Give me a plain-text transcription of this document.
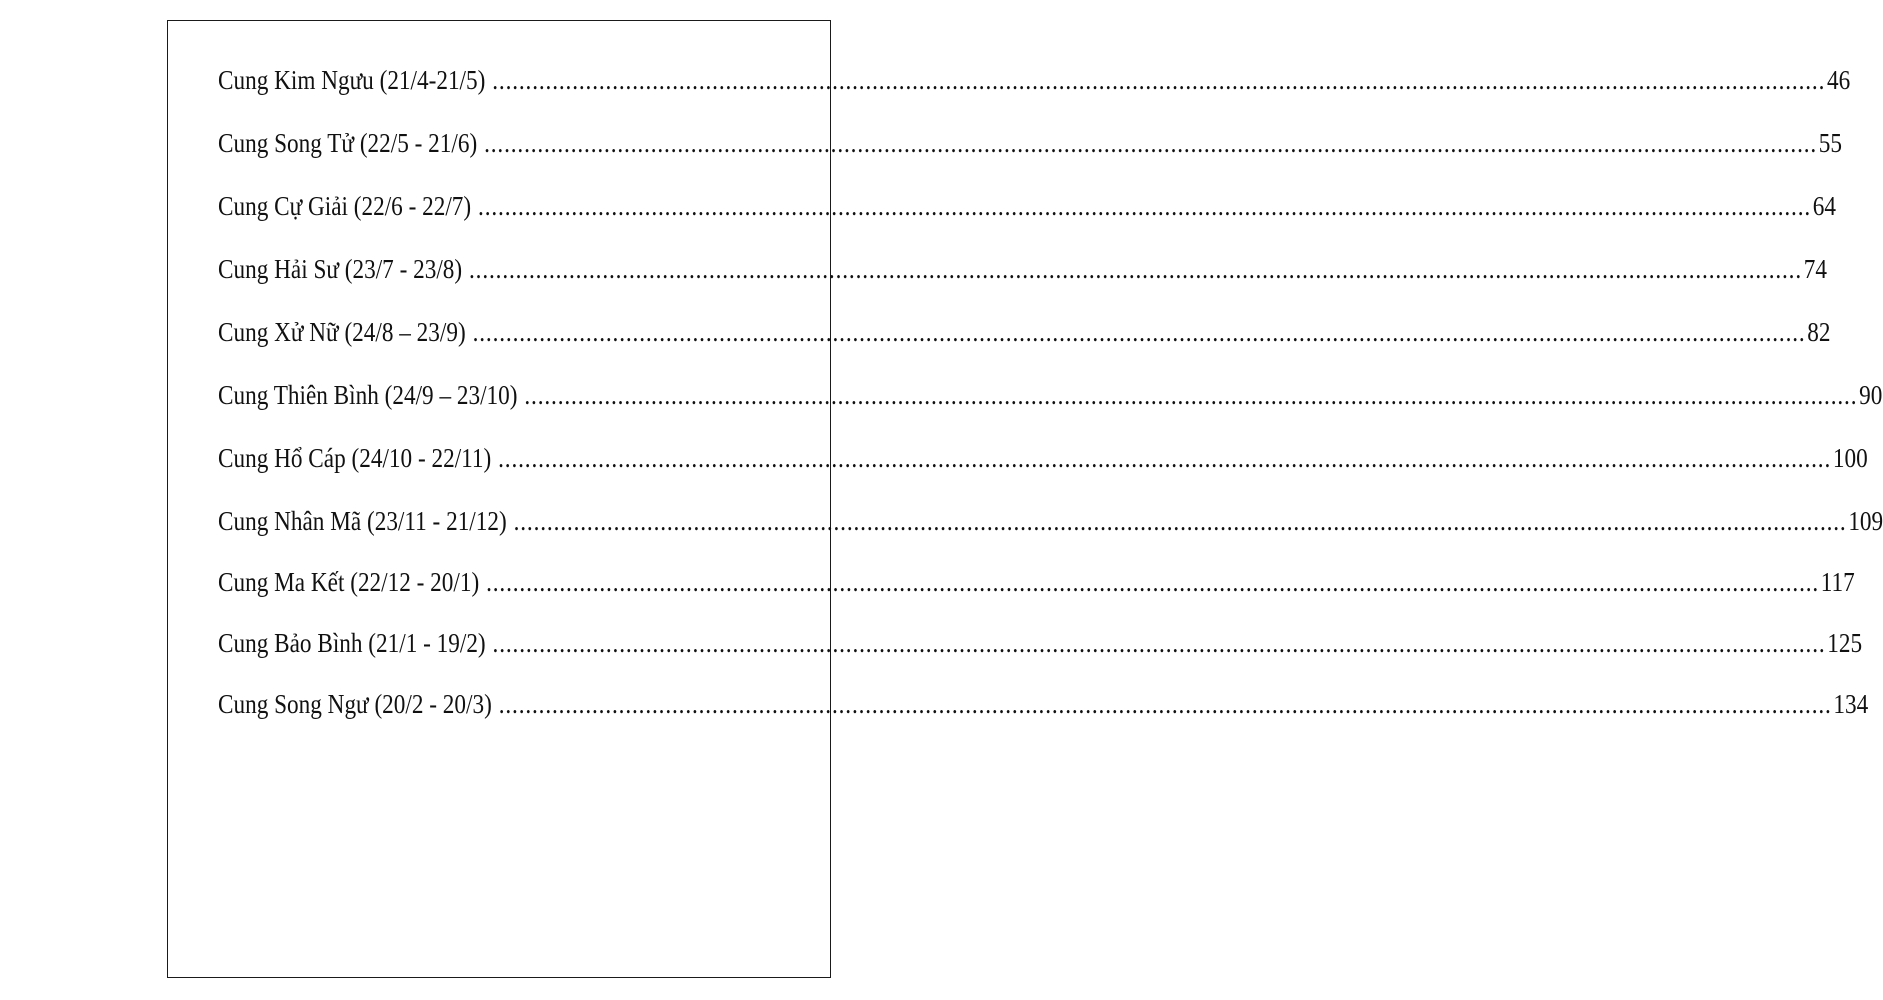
Cung Kim Ngưu (21/4-21/5) ........................................................................................................................................................................................................ 46
Cung Song Tử (22/5 - 21/6) ........................................................................................................................................................................................................ 55
Cung Cự Giải (22/6 - 22/7) ........................................................................................................................................................................................................ 64
Cung Hải Sư (23/7 - 23/8) ........................................................................................................................................................................................................ 74
Cung Xử Nữ (24/8 – 23/9) ........................................................................................................................................................................................................ 82
Cung Thiên Bình (24/9 – 23/10) ........................................................................................................................................................................................................ 90
Cung Hổ Cáp (24/10 - 22/11) ........................................................................................................................................................................................................ 100
Cung Nhân Mã (23/11 - 21/12) ........................................................................................................................................................................................................ 109
Cung Ma Kết (22/12 - 20/1) ........................................................................................................................................................................................................ 117
Cung Bảo Bình (21/1 - 19/2) ........................................................................................................................................................................................................ 125
Cung Song Ngư (20/2 - 20/3) ........................................................................................................................................................................................................ 134
